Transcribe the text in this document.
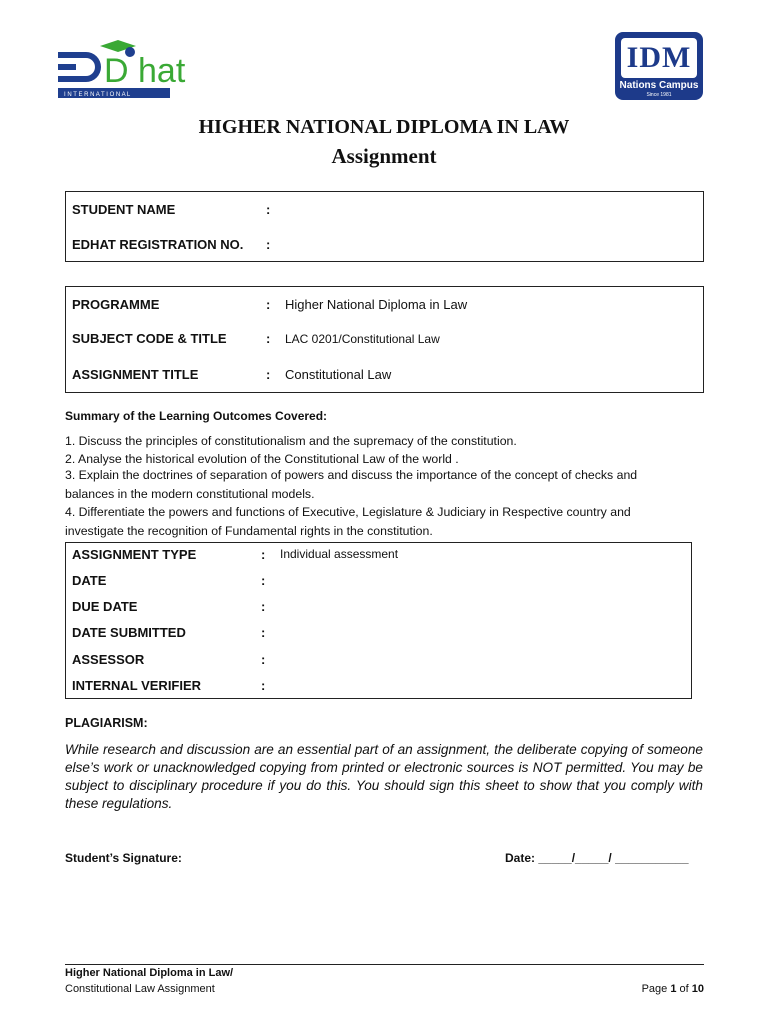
D hat
I N T E R N A T I O N A L
IDM
Nations Campus
Since 1981
HIGHER NATIONAL DIPLOMA IN LAW
Assignment
STUDENT NAME	:
EDHAT REGISTRATION NO. :
PROGRAMME	: Higher National Diploma in Law
SUBJECT CODE & TITLE	: LAC 0201/Constitutional Law
ASSIGNMENT TITLE	: Constitutional Law
Summary of the Learning Outcomes Covered:
1. Discuss the principles of constitutionalism and the supremacy of the constitution.
2. Analyse the historical evolution of the Constitutional Law of the world .
3. Explain the doctrines of separation of powers and discuss the importance of the concept of checks and
balances in the modern constitutional models.
4. Differentiate the powers and functions of Executive, Legislature & Judiciary in Respective country and
investigate the recognition of Fundamental rights in the constitution.
ASSIGNMENT TYPE	: Individual assessment
DATE	:
DUE DATE	:
DATE SUBMITTED	:
ASSESSOR	:
INTERNAL VERIFIER	:
PLAGIARISM:
While research and discussion are an essential part of an assignment, the deliberate copying of someone else’s work or unacknowledged copying from printed or electronic sources is NOT permitted. You may be subject to disciplinary procedure if you do this. You should sign this sheet to show that you comply with these regulations.
Student’s Signature:	Date: _____/_____/ ___________
Higher National Diploma in Law/
Constitutional Law Assignment	Page 1 of 10
